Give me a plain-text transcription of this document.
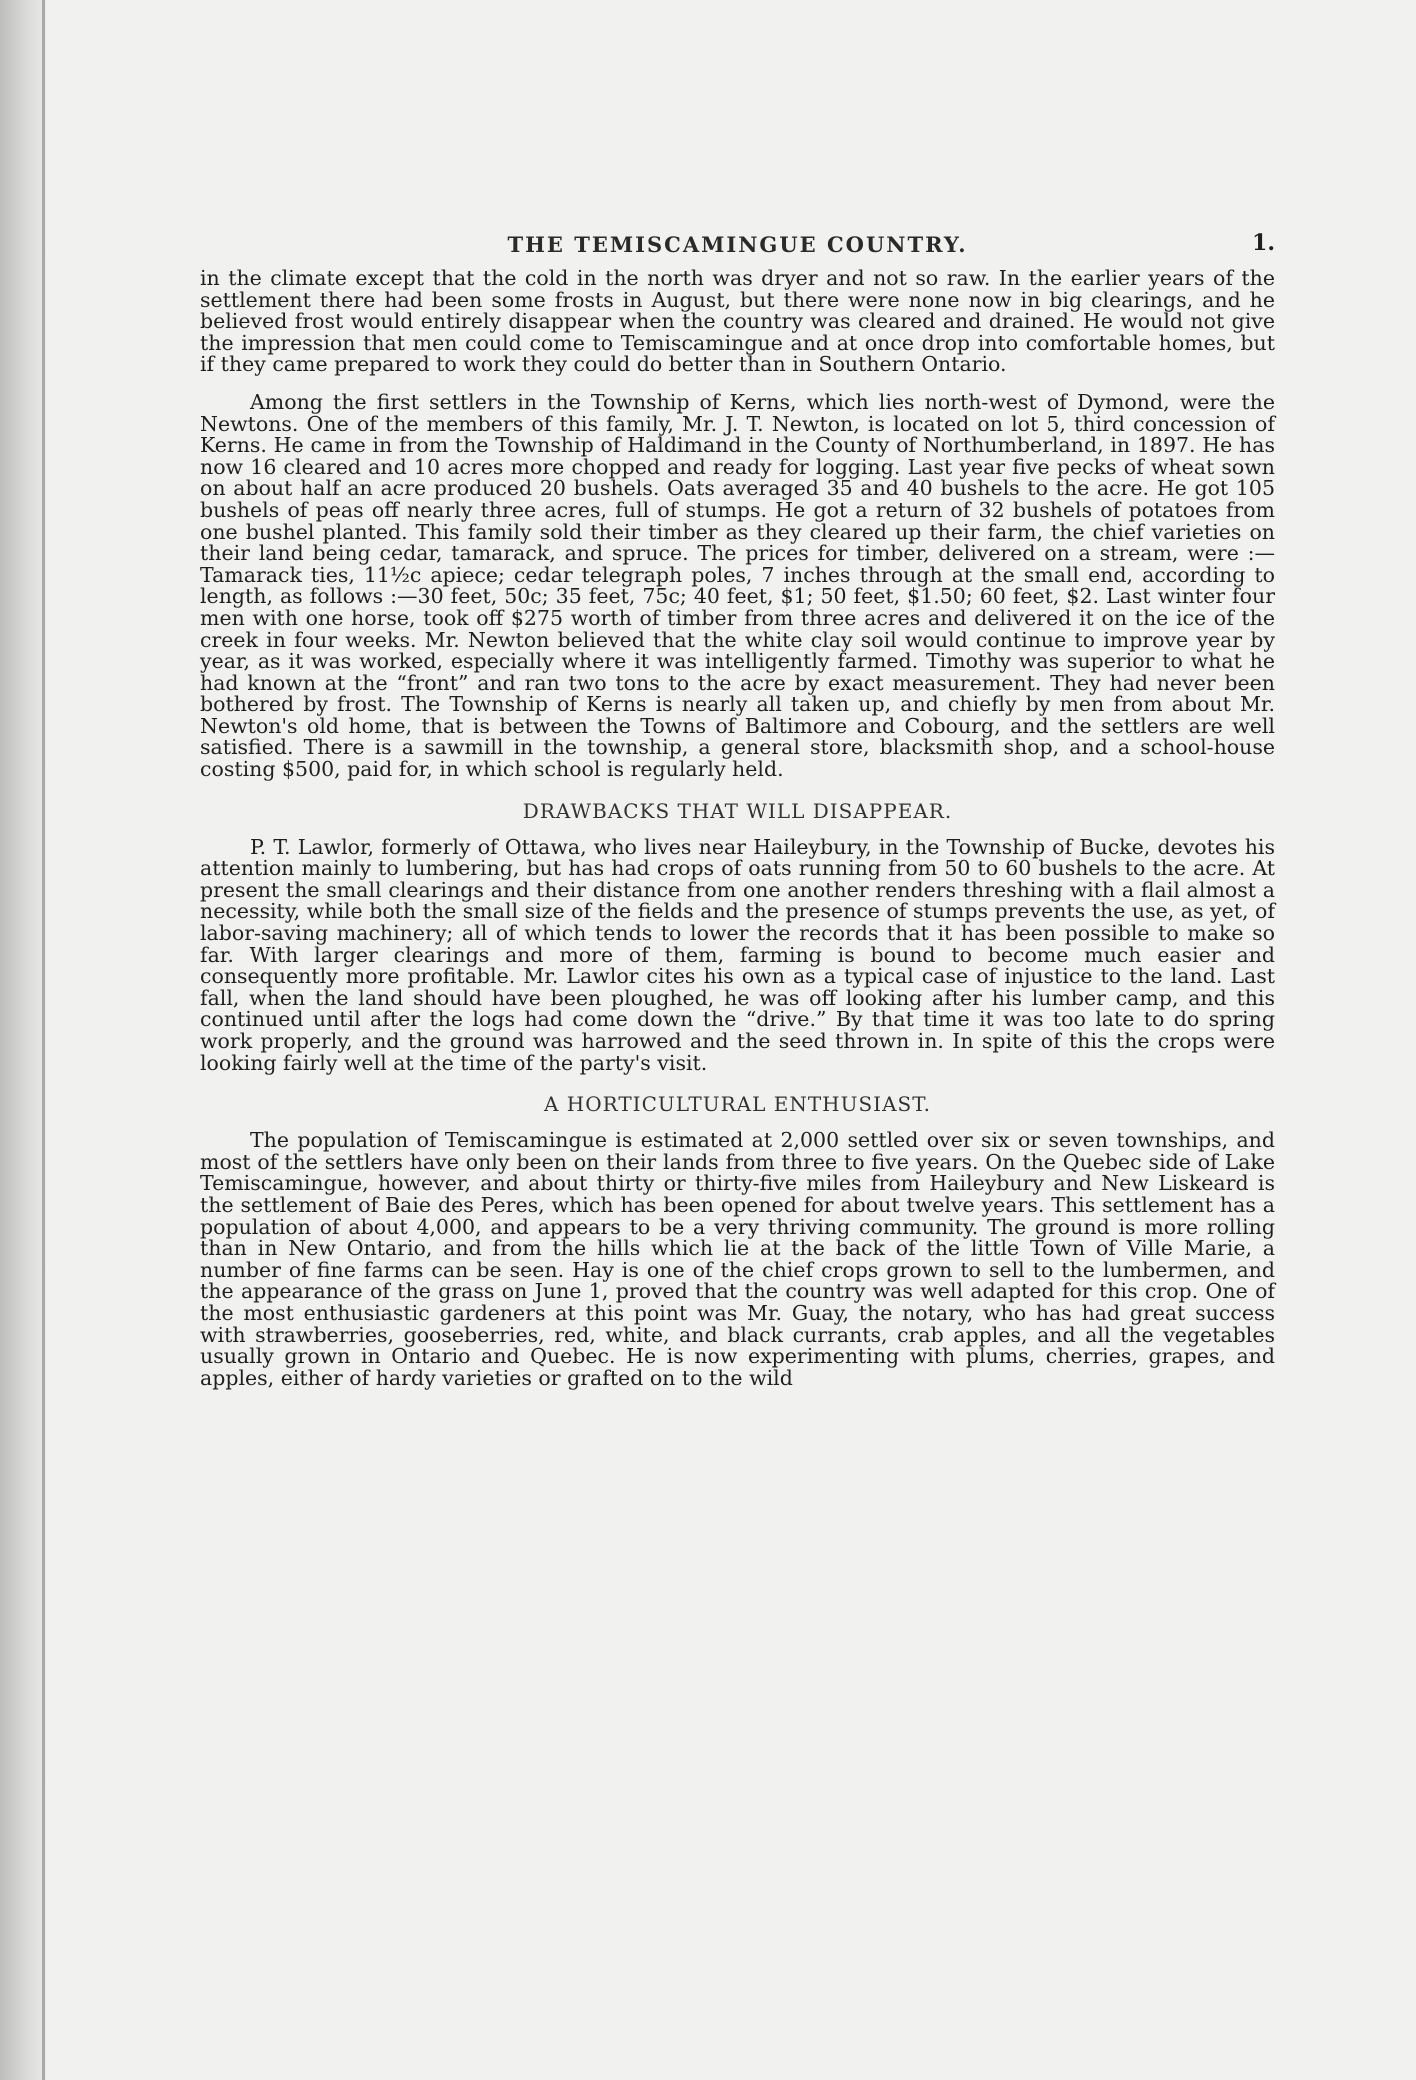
THE TEMISCAMINGUE COUNTRY.	1․

in the climate except that the cold in the north was dryer and not so raw. In the earlier years of the settlement there had been some frosts in August, but there were none now in big clearings, and he believed frost would entirely disappear when the country was cleared and drained. He would not give the impression that men could come to Temiscamingue and at once drop into comfortable homes, but if they came prepared to work they could do better than in Southern Ontario.

Among the first settlers in the Township of Kerns, which lies north-west of Dymond, were the Newtons. One of the members of this family, Mr. J. T. Newton, is located on lot 5, third concession of Kerns. He came in from the Township of Haldimand in the County of Northumberland, in 1897. He has now 16 cleared and 10 acres more chopped and ready for logging. Last year five pecks of wheat sown on about half an acre produced 20 bushels. Oats averaged 35 and 40 bushels to the acre. He got 105 bushels of peas off nearly three acres, full of stumps. He got a return of 32 bushels of potatoes from one bushel planted. This family sold their timber as they cleared up their farm, the chief varieties on their land being cedar, tamarack, and spruce. The prices for timber, delivered on a stream, were :—Tamarack ties, 11½c apiece; cedar telegraph poles, 7 inches through at the small end, according to length, as follows :—30 feet, 50c; 35 feet, 75c; 40 feet, $1; 50 feet, $1.50; 60 feet, $2. Last winter four men with one horse, took off $275 worth of timber from three acres and delivered it on the ice of the creek in four weeks. Mr. Newton believed that the white clay soil would continue to improve year by year, as it was worked, especially where it was intelligently farmed. Timothy was superior to what he had known at the “front” and ran two tons to the acre by exact measurement. They had never been bothered by frost. The Township of Kerns is nearly all taken up, and chiefly by men from about Mr. Newton's old home, that is between the Towns of Baltimore and Cobourg, and the settlers are well satisfied. There is a sawmill in the township, a general store, blacksmith shop, and a school-house costing $500, paid for, in which school is regularly held.

DRAWBACKS THAT WILL DISAPPEAR.

P. T. Lawlor, formerly of Ottawa, who lives near Haileybury, in the Township of Bucke, devotes his attention mainly to lumbering, but has had crops of oats running from 50 to 60 bushels to the acre. At present the small clearings and their distance from one another renders threshing with a flail almost a necessity, while both the small size of the fields and the presence of stumps prevents the use, as yet, of labor-saving machinery; all of which tends to lower the records that it has been possible to make so far. With larger clearings and more of them, farming is bound to become much easier and consequently more profitable. Mr. Lawlor cites his own as a typical case of injustice to the land. Last fall, when the land should have been ploughed, he was off looking after his lumber camp, and this continued until after the logs had come down the “drive.” By that time it was too late to do spring work properly, and the ground was harrowed and the seed thrown in. In spite of this the crops were looking fairly well at the time of the party's visit.

A HORTICULTURAL ENTHUSIAST.

The population of Temiscamingue is estimated at 2,000 settled over six or seven townships, and most of the settlers have only been on their lands from three to five years. On the Quebec side of Lake Temiscamingue, however, and about thirty or thirty-five miles from Haileybury and New Liskeard is the settlement of Baie des Peres, which has been opened for about twelve years. This settlement has a population of about 4,000, and appears to be a very thriving community. The ground is more rolling than in New Ontario, and from the hills which lie at the back of the little Town of Ville Marie, a number of fine farms can be seen. Hay is one of the chief crops grown to sell to the lumbermen, and the appearance of the grass on June 1, proved that the country was well adapted for this crop. One of the most enthusiastic gardeners at this point was Mr. Guay, the notary, who has had great success with strawberries, gooseberries, red, white, and black currants, crab apples, and all the vegetables usually grown in Ontario and Quebec. He is now experimenting with plums, cherries, grapes, and apples, either of hardy varieties or grafted on to the wild
